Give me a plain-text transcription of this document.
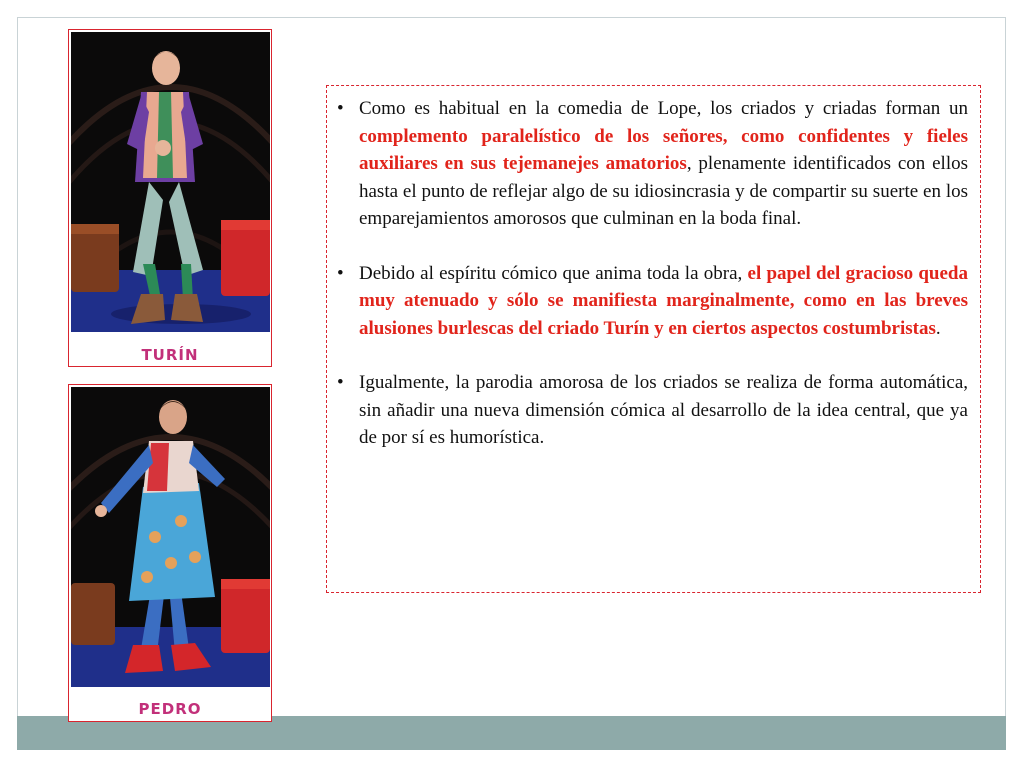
TURÍN
PEDRO
• Como es habitual en la comedia de Lope, los criados y criadas forman un complemento paralelístico de los señores, como confidentes y fieles auxiliares en sus tejemanejes amatorios, plenamente identificados con ellos hasta el punto de reflejar algo de su idiosincrasia y de compartir su suerte en los emparejamientos amorosos que culminan en la boda final.
• Debido al espíritu cómico que anima toda la obra, el papel del gracioso queda muy atenuado y sólo se manifiesta marginalmente, como en las breves alusiones burlescas del criado Turín y en ciertos aspectos costumbristas.
• Igualmente, la parodia amorosa de los criados se realiza de forma automática, sin añadir una nueva dimensión cómica al desarrollo de la idea central, que ya de por sí es humorística.
